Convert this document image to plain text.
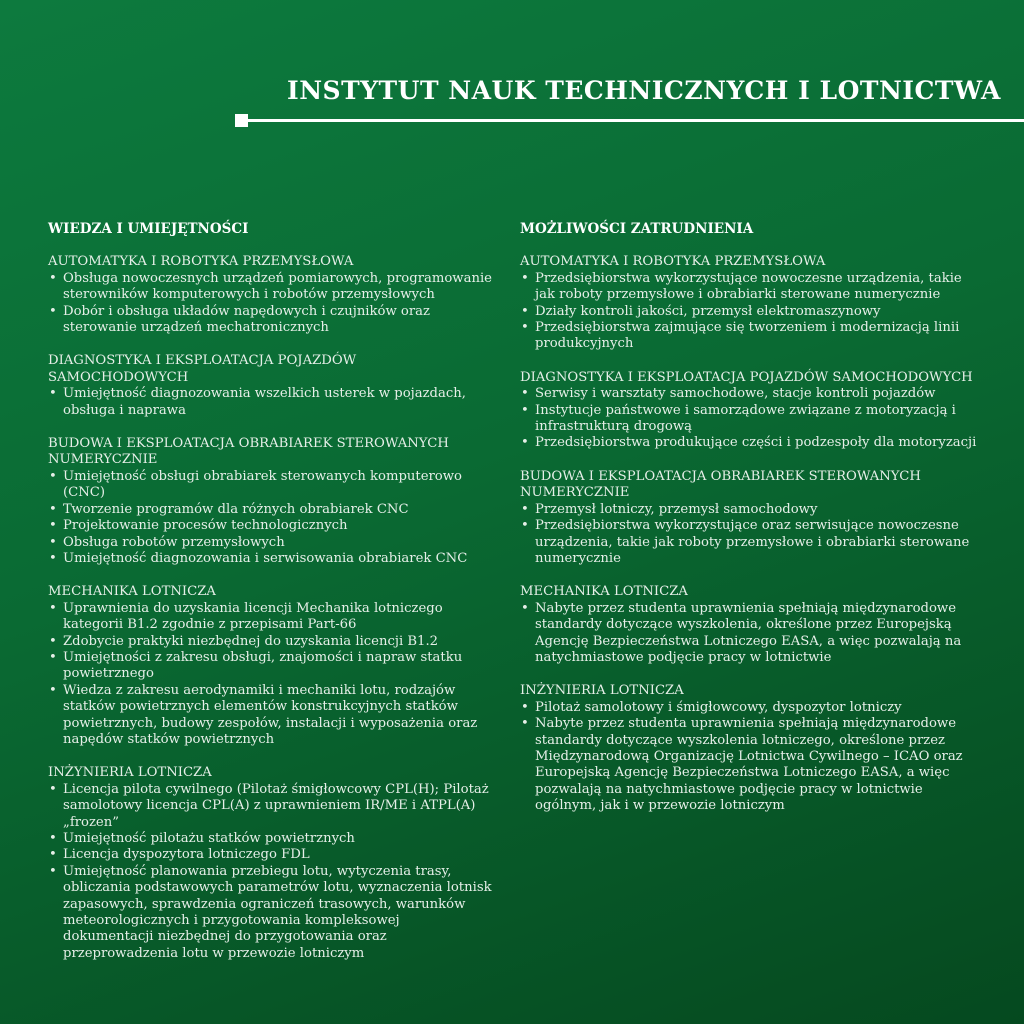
INSTYTUT NAUK TECHNICZNYCH I LOTNICTWA
WIEDZA I UMIEJĘTNOŚCI
AUTOMATYKA I ROBOTYKA PRZEMYSŁOWA
• Obsługa nowoczesnych urządzeń pomiarowych, programowanie sterowników komputerowych i robotów przemysłowych
• Dobór i obsługa układów napędowych i czujników oraz sterowanie urządzeń mechatronicznych
DIAGNOSTYKA I EKSPLOATACJA POJAZDÓW SAMOCHODOWYCH
• Umiejętność diagnozowania wszelkich usterek w pojazdach, obsługa i naprawa
BUDOWA I EKSPLOATACJA OBRABIAREK STEROWANYCH NUMERYCZNIE
• Umiejętność obsługi obrabiarek sterowanych komputerowo (CNC)
• Tworzenie programów dla różnych obrabiarek CNC
• Projektowanie procesów technologicznych
• Obsługa robotów przemysłowych
• Umiejętność diagnozowania i serwisowania obrabiarek CNC
MECHANIKA LOTNICZA
• Uprawnienia do uzyskania licencji Mechanika lotniczego kategorii B1.2 zgodnie z przepisami Part-66
• Zdobycie praktyki niezbędnej do uzyskania licencji B1.2
• Umiejętności z zakresu obsługi, znajomości i napraw statku powietrznego
• Wiedza z zakresu aerodynamiki i mechaniki lotu, rodzajów statków powietrznych elementów konstrukcyjnych statków powietrznych, budowy zespołów, instalacji i wyposażenia oraz napędów statków powietrznych
INŻYNIERIA LOTNICZA
• Licencja pilota cywilnego (Pilotaż śmigłowcowy CPL(H); Pilotaż samolotowy licencja CPL(A) z uprawnieniem IR/ME i ATPL(A) „frozen”
• Umiejętność pilotażu statków powietrznych
• Licencja dyspozytora lotniczego FDL
• Umiejętność planowania przebiegu lotu, wytyczenia trasy, obliczania podstawowych parametrów lotu, wyznaczenia lotnisk zapasowych, sprawdzenia ograniczeń trasowych, warunków meteorologicznych i przygotowania kompleksowej dokumentacji niezbędnej do przygotowania oraz przeprowadzenia lotu w przewozie lotniczym
MOŻLIWOŚCI ZATRUDNIENIA
AUTOMATYKA I ROBOTYKA PRZEMYSŁOWA
• Przedsiębiorstwa wykorzystujące nowoczesne urządzenia, takie jak roboty przemysłowe i obrabiarki sterowane numerycznie
• Działy kontroli jakości, przemysł elektromaszynowy
• Przedsiębiorstwa zajmujące się tworzeniem i modernizacją linii produkcyjnych
DIAGNOSTYKA I EKSPLOATACJA POJAZDÓW SAMOCHODOWYCH
• Serwisy i warsztaty samochodowe, stacje kontroli pojazdów
• Instytucje państwowe i samorządowe związane z motoryzacją i infrastrukturą drogową
• Przedsiębiorstwa produkujące części i podzespoły dla motoryzacji
BUDOWA I EKSPLOATACJA OBRABIAREK STEROWANYCH NUMERYCZNIE
• Przemysł lotniczy, przemysł samochodowy
• Przedsiębiorstwa wykorzystujące oraz serwisujące nowoczesne urządzenia, takie jak roboty przemysłowe i obrabiarki sterowane numerycznie
MECHANIKA LOTNICZA
• Nabyte przez studenta uprawnienia spełniają międzynarodowe standardy dotyczące wyszkolenia, określone przez Europejską Agencję Bezpieczeństwa Lotniczego EASA, a więc pozwalają na natychmiastowe podjęcie pracy w lotnictwie
INŻYNIERIA LOTNICZA
• Pilotaż samolotowy i śmigłowcowy, dyspozytor lotniczy
• Nabyte przez studenta uprawnienia spełniają międzynarodowe standardy dotyczące wyszkolenia lotniczego, określone przez Międzynarodową Organizację Lotnictwa Cywilnego – ICAO oraz Europejską Agencję Bezpieczeństwa Lotniczego EASA, a więc pozwalają na natychmiastowe podjęcie pracy w lotnictwie ogólnym, jak i w przewozie lotniczym
